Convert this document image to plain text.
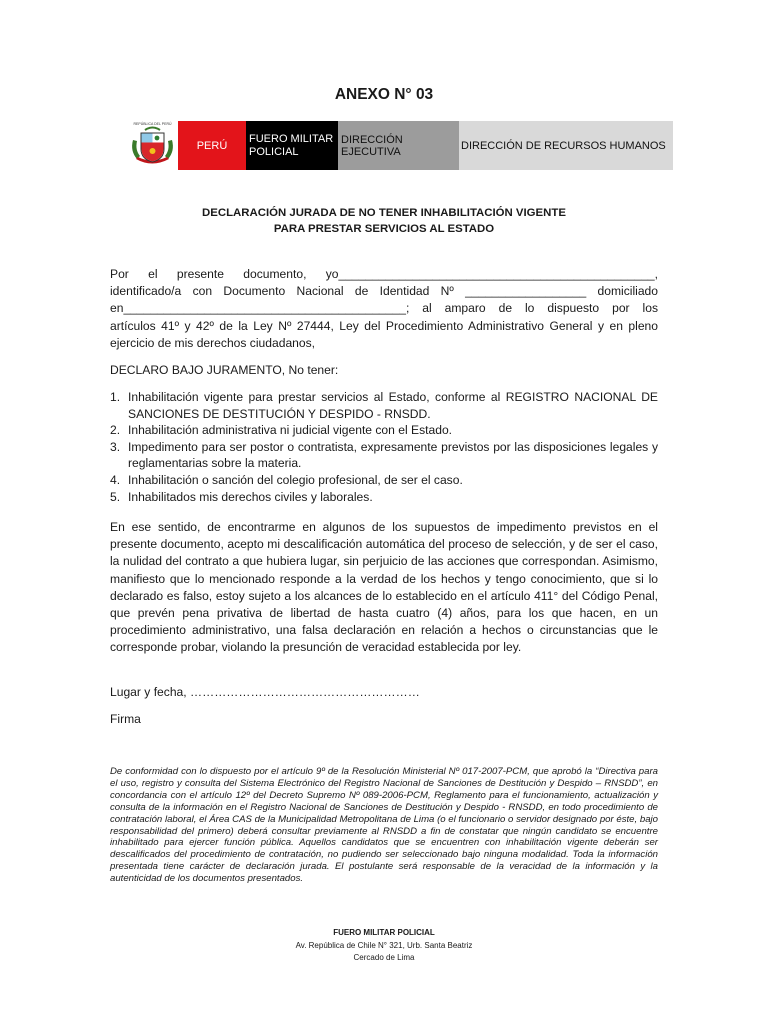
ANEXO N° 03
REPÚBLICA DEL PERÚ
PERÚ
FUERO MILITAR
POLICIAL
DIRECCIÓN EJECUTIVA	DIRECCIÓN DE RECURSOS HUMANOS
DECLARACIÓN JURADA DE NO TENER INHABILITACIÓN VIGENTE
PARA PRESTAR SERVICIOS AL ESTADO
Por el presente documento, yo_______________________________________________,
identificado/a con Documento Nacional de Identidad Nº __________________ domiciliado
en__________________________________________; al amparo de lo dispuesto por los
artículos 41º y 42º de la Ley Nº 27444, Ley del Procedimiento Administrativo General y en pleno ejercicio de mis derechos ciudadanos,
DECLARO BAJO JURAMENTO, No tener:
1. Inhabilitación vigente para prestar servicios al Estado, conforme al REGISTRO NACIONAL DE SANCIONES DE DESTITUCIÓN Y DESPIDO - RNSDD.
2. Inhabilitación administrativa ni judicial vigente con el Estado.
3. Impedimento para ser postor o contratista, expresamente previstos por las disposiciones legales y reglamentarias sobre la materia.
4. Inhabilitación o sanción del colegio profesional, de ser el caso.
5. Inhabilitados mis derechos civiles y laborales.
En ese sentido, de encontrarme en algunos de los supuestos de impedimento previstos en el presente documento, acepto mi descalificación automática del proceso de selección, y de ser el caso, la nulidad del contrato a que hubiera lugar, sin perjuicio de las acciones que correspondan. Asimismo, manifiesto que lo mencionado responde a la verdad de los hechos y tengo conocimiento, que si lo declarado es falso, estoy sujeto a los alcances de lo establecido en el artículo 411° del Código Penal, que prevén pena privativa de libertad de hasta cuatro (4) años, para los que hacen, en un procedimiento administrativo, una falsa declaración en relación a hechos o circunstancias que le corresponde probar, violando la presunción de veracidad establecida por ley.
Lugar y fecha, …………………………………………………
Firma
De conformidad con lo dispuesto por el artículo 9º de la Resolución Ministerial Nº 017-2007-PCM, que aprobó la “Directiva para el uso, registro y consulta del Sistema Electrónico del Registro Nacional de Sanciones de Destitución y Despido – RNSDD”, en concordancia con el artículo 12º del Decreto Supremo Nº 089-2006-PCM, Reglamento para el funcionamiento, actualización y consulta de la información en el Registro Nacional de Sanciones de Destitución y Despido - RNSDD, en todo procedimiento de contratación laboral, el Área CAS de la Municipalidad Metropolitana de Lima (o el funcionario o servidor designado por éste, bajo responsabilidad del primero) deberá consultar previamente al RNSDD a fin de constatar que ningún candidato se encuentre inhabilitado para ejercer función pública. Aquellos candidatos que se encuentren con inhabilitación vigente deberán ser descalificados del procedimiento de contratación, no pudiendo ser seleccionado bajo ninguna modalidad. Toda la información presentada tiene carácter de declaración jurada. El postulante será responsable de la veracidad de la información y la autenticidad de los documentos presentados.
FUERO MILITAR POLICIAL
Av. República de Chile N° 321, Urb. Santa Beatriz
Cercado de Lima
